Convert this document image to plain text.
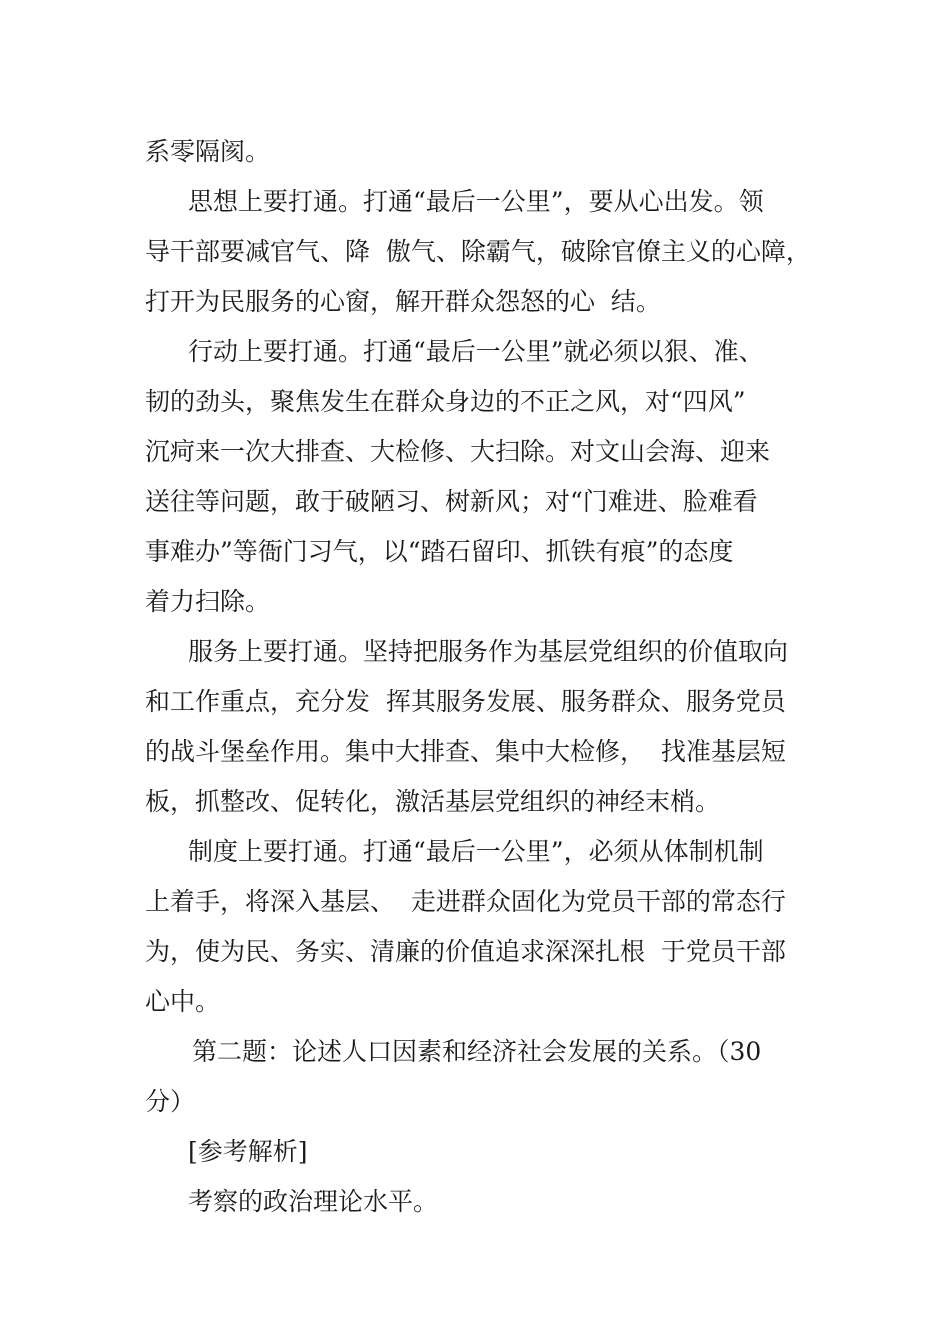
系零隔阂。

思想上要打通。打通“最后一公里”，要从心出发。领

导干部要减官气、降  傲气、除霸气，破除官僚主义的心障，

打开为民服务的心窗，解开群众怨怒的心  结。

行动上要打通。打通“最后一公里”就必须以狠、准、

韧的劲头，聚焦发生在群众身边的不正之风，对“四风”

沉疴来一次大排查、大检修、大扫除。对文山会海、迎来

送往等问题，敢于破陋习、树新风；对“门难进、脸难看

事难办”等衙门习气，以“踏石留印、抓铁有痕”的态度

着力扫除。

服务上要打通。坚持把服务作为基层党组织的价值取向

和工作重点，充分发  挥其服务发展、服务群众、服务党员

的战斗堡垒作用。集中大排查、集中大检修，  找准基层短

板，抓整改、促转化，激活基层党组织的神经末梢。

制度上要打通。打通“最后一公里”，必须从体制机制

上着手，将深入基层、  走进群众固化为党员干部的常态行

为，使为民、务实、清廉的价值追求深深扎根  于党员干部

心中。

第二题：论述人口因素和经济社会发展的关系。（30

分）

[参考解析]

考察的政治理论水平。
